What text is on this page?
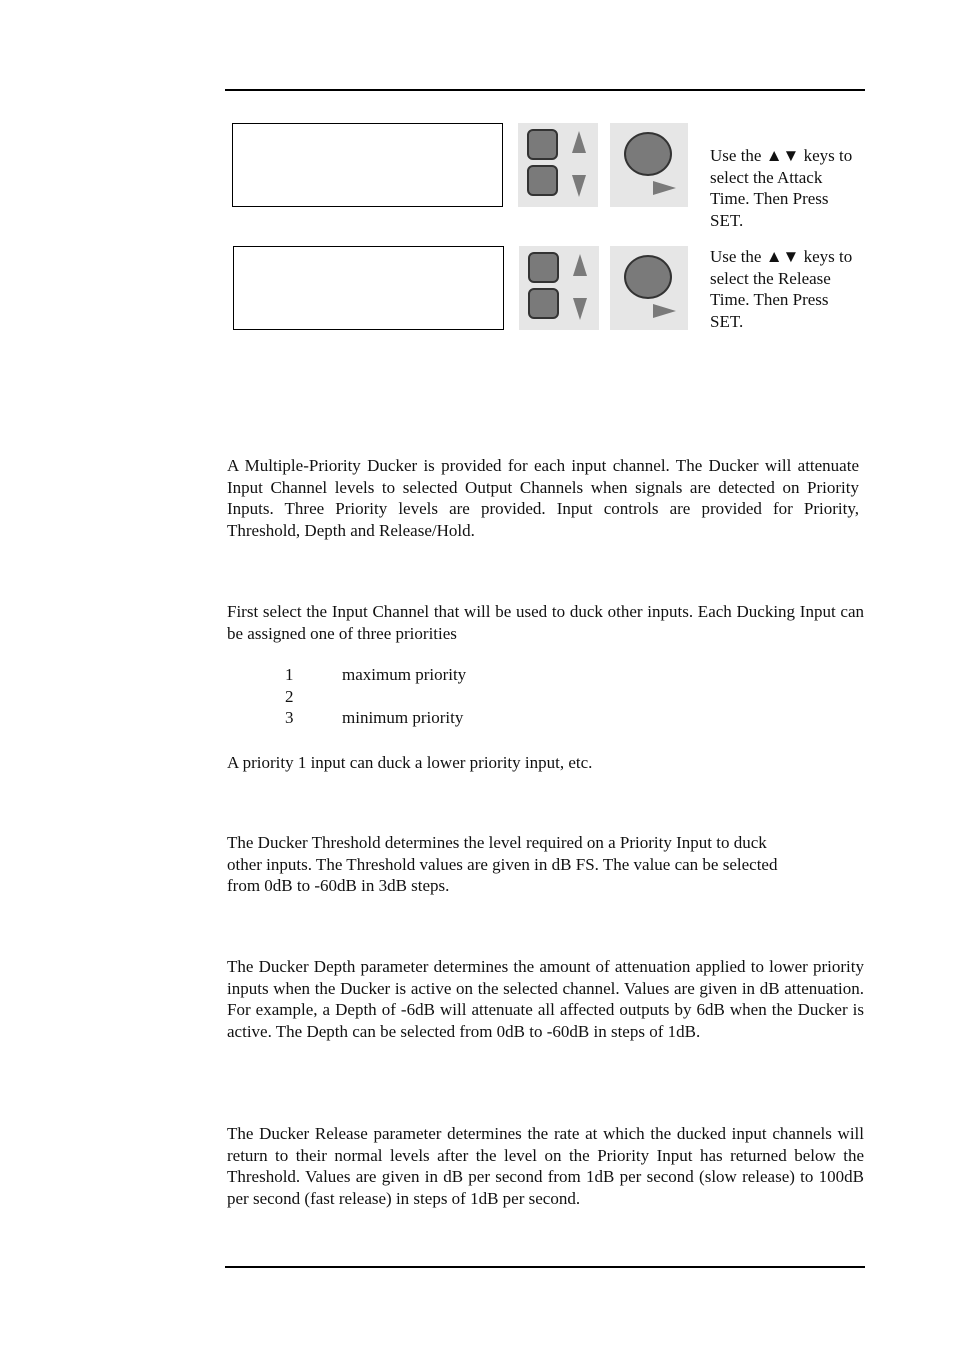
Use the ▲▼ keys to
select the Attack
Time. Then Press
SET.
Use the ▲▼ keys to
select the Release
Time. Then Press
SET.

A Multiple-Priority Ducker is provided for each input channel. The Ducker will attenuate Input Channel levels to selected Output Channels when signals are detected on Priority Inputs. Three Priority levels are provided. Input controls are provided for Priority, Threshold, Depth and Release/Hold.

First select the Input Channel that will be used to duck other inputs. Each Ducking Input can be assigned one of three priorities

1	maximum priority
2
3	minimum priority

A priority 1 input can duck a lower priority input, etc.

The Ducker Threshold determines the level required on a Priority Input to duck
other inputs. The Threshold values are given in dB FS. The value can be selected
from 0dB to -60dB in 3dB steps.

The Ducker Depth parameter determines the amount of attenuation applied to lower priority inputs when the Ducker is active on the selected channel. Values are given in dB attenuation. For example, a Depth of -6dB will attenuate all affected outputs by 6dB when the Ducker is active. The Depth can be selected from 0dB to -60dB in steps of 1dB.

The Ducker Release parameter determines the rate at which the ducked input channels will return to their normal levels after the level on the Priority Input has returned below the Threshold. Values are given in dB per second from 1dB per second (slow release) to 100dB per second (fast release) in steps of 1dB per second.
